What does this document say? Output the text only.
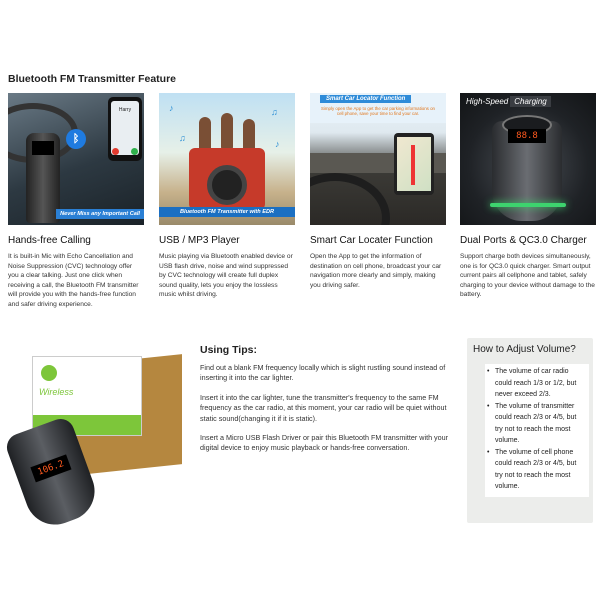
Bluetooth FM Transmitter Feature
Harry
ᛒ
Never Miss any Important Call
Hands-free Calling

It is built-in Mic with Echo Cancellation and Noise Suppression (CVC) technology offer you a clear talking. Just one click when receiving a call, the Bluetooth FM transmitter will provide you with the hands-free function and safer driving experience.

♪	♫
♫
♪
Bluetooth FM Transmitter with EDR
USB / MP3 Player

Music playing via Bluetooth enabled device or USB flash drive, noise and wind suppressed by CVC technology will create full duplex sound quality, lets you enjoy the lossless music whilst driving.

Smart Car Locator Function
Simply open the App to get the car parking informations on cell phone, save your time to find your car.
Smart Car Locater Function

Open the App to get the information of destination on cell phone, broadcast your car navigation more clearly and simply, making you driving safer.

High-Speed Charging
88.8
Dual Ports & QC3.0 Charger

Support charge both devices simultaneously, one is for QC3.0 quick charger. Smart output current pairs all cellphone and tablet, safely charging to your device without damage to the battery.

Wireless
106.2
Using Tips:

Find out a blank FM frequency locally which is slight rustling sound instead of inserting it into the car lighter.

Insert it into the car lighter, tune the transmitter's frequency to the same FM frequency as the car radio, at this moment, your car radio will be quiet without static sound(changing it if it is static).

Insert a Micro USB Flash Driver or pair this Bluetooth FM transmitter with your digital device to enjoy music playback or hands-free conversation.

How to Adjust Volume?
• The volume of car radio could reach 1/3 or 1/2, but never exceed 2/3.
• The volume of transmitter could reach 2/3 or 4/5, but try not to reach the most volume.
• The volume of cell phone could reach 2/3 or 4/5, but try not to reach the most volume.
